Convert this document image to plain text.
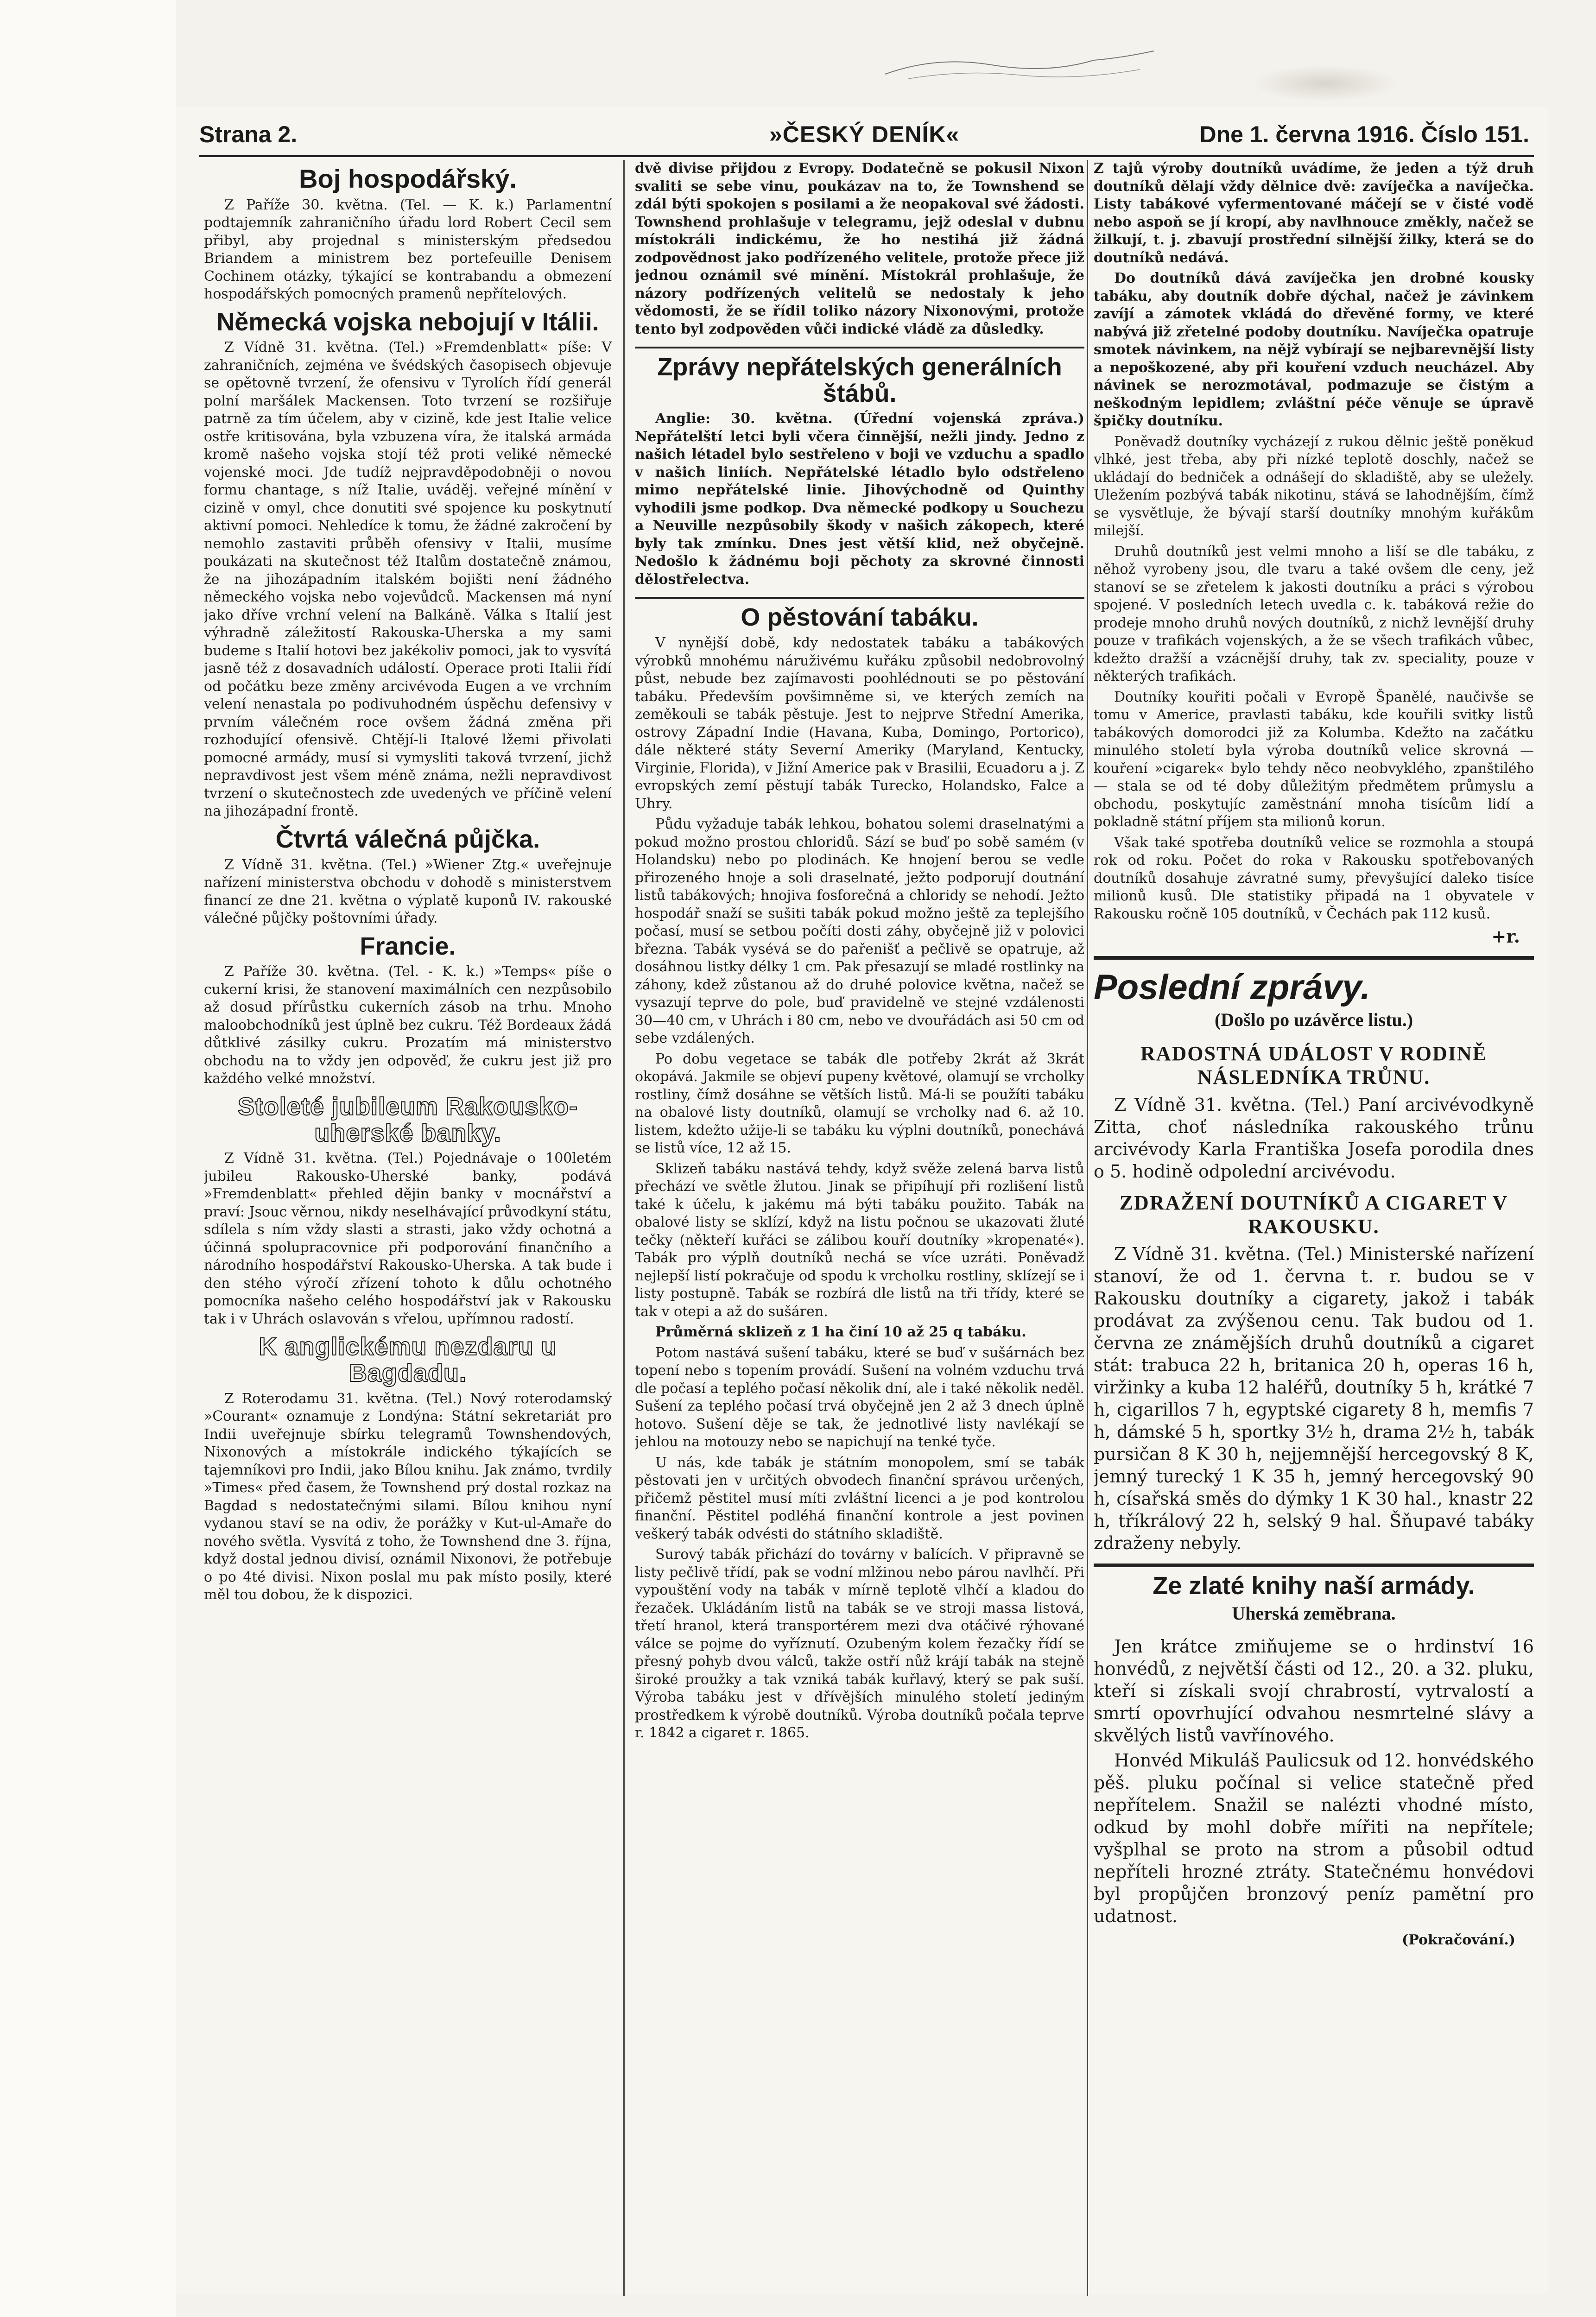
Strana 2.	»ČESKÝ DENÍK«	Dne 1. června 1916. Číslo 151.
Boj hospodářský.

Z Paříže 30. května. (Tel. — K. k.) Parlamentní podtajemník zahraničního úřadu lord Robert Cecil sem přibyl, aby projednal s ministerským předsedou Briandem a ministrem bez portefeuille Denisem Cochinem otázky, týkající se kontrabandu a obmezení hospodářských pomocných pramenů nepřítelových.

Německá vojska nebojují v Itálii.

Z Vídně 31. května. (Tel.) »Fremdenblatt« píše: V zahraničních, zejména ve švédských časopisech objevuje se opětovně tvrzení, že ofensivu v Tyrolích řídí generál polní maršálek Mackensen. Toto tvrzení se rozšiřuje patrně za tím účelem, aby v cizině, kde jest Italie velice ostře kritisována, byla vzbuzena víra, že italská armáda kromě našeho vojska stojí též proti veliké německé vojenské moci. Jde tudíž nejpravděpodobněji o novou formu chantage, s níž Italie, uváděj. veřejné mínění v cizině v omyl, chce donutiti své spojence ku poskytnutí aktivní pomoci. Nehledíce k tomu, že žádné zakročení by nemohlo zastaviti průběh ofensivy v Italii, musíme poukázati na skutečnost též Italům dostatečně známou, že na jihozápadním italském bojišti není žádného německého vojska nebo vojevůdců. Mackensen má nyní jako dříve vrchní velení na Balkáně. Válka s Italií jest výhradně záležitostí Rakouska-Uherska a my sami budeme s Italií hotovi bez jakékoliv pomoci, jak to vysvítá jasně též z dosavadních událostí. Operace proti Italii řídí od počátku beze změny arcivévoda Eugen a ve vrchním velení nenastala po podivuhodném úspěchu defensivy v prvním válečném roce ovšem žádná změna při rozhodující ofensivě. Chtějí-li Italové lžemi přivolati pomocné armády, musí si vymysliti taková tvrzení, jichž nepravdivost jest všem méně známa, nežli nepravdivost tvrzení o skutečnostech zde uvedených ve příčině velení na jihozápadní frontě.

Čtvrtá válečná půjčka.

Z Vídně 31. května. (Tel.) »Wiener Ztg.« uveřejnuje nařízení ministerstva obchodu v dohodě s ministerstvem financí ze dne 21. května o výplatě kuponů IV. rakouské válečné půjčky poštovními úřady.

Francie.

Z Paříže 30. května. (Tel. - K. k.) »Temps« píše o cukerní krisi, že stanovení maximálních cen nezpůsobilo až dosud přírůstku cukerních zásob na trhu. Mnoho maloobchodníků jest úplně bez cukru. Též Bordeaux žádá důtklivé zásilky cukru. Prozatím má ministerstvo obchodu na to vždy jen odpověď, že cukru jest již pro každého velké množství.

Stoleté jubileum Rakousko-uherské banky.

Z Vídně 31. května. (Tel.) Pojednávaje o 100letém jubileu Rakousko-Uherské banky, podává »Fremdenblatt« přehled dějin banky v mocnářství a praví: Jsouc věrnou, nikdy neselhávající průvodkyní státu, sdílela s ním vždy slasti a strasti, jako vždy ochotná a účinná spolupracovnice při podporování finančního a národního hospodářství Rakousko-Uherska. A tak bude i den stého výročí zřízení tohoto k důlu ochotného pomocníka našeho celého hospodářství jak v Rakousku tak i v Uhrách oslavován s vřelou, upřímnou radostí.

K anglickému nezdaru u Bagdadu.

Z Roterodamu 31. května. (Tel.) Nový roterodamský »Courant« oznamuje z Londýna: Státní sekretariát pro Indii uveřejnuje sbírku telegramů Townshendových, Nixonových a místokrále indického týkajících se tajemníkovi pro Indii, jako Bílou knihu. Jak známo, tvrdily »Times« před časem, že Townshend prý dostal rozkaz na Bagdad s nedostatečnými silami. Bílou knihou nyní vydanou staví se na odiv, že porážky v Kut-ul-Amaře do nového světla. Vysvítá z toho, že Townshend dne 3. října, když dostal jednou divisí, oznámil Nixonovi, že potřebuje o po 4té divisi. Nixon poslal mu pak místo posily, které měl tou dobou, že k dispozici.

dvě divise přijdou z Evropy. Dodatečně se pokusil Nixon svaliti se sebe vinu, poukázav na to, že Townshend se zdál býti spokojen s posilami a že neopakoval své žádosti. Townshend prohlašuje v telegramu, jejž odeslal v dubnu místokráli indickému, že ho nestihá již žádná zodpovědnost jako podřízeného velitele, protože přece již jednou oznámil své mínění. Místokrál prohlašuje, že názory podřízených velitelů se nedostaly k jeho vědomosti, že se řídil toliko názory Nixonovými, protože tento byl zodpověden vůči indické vládě za důsledky.

Zprávy nepřátelských generálních štábů.

Anglie: 30. května. (Úřední vojenská zpráva.) Nepřátelští letci byli včera činnější, nežli jindy. Jedno z našich létadel bylo sestřeleno v boji ve vzduchu a spadlo v našich liniích. Nepřátelské létadlo bylo odstřeleno mimo nepřátelské linie. Jihovýchodně od Quinthy vyhodili jsme podkop. Dva německé podkopy u Souchezu a Neuville nezpůsobily škody v našich zákopech, které byly tak zmínku. Dnes jest větší klid, než obyčejně. Nedošlo k žádnému boji pěchoty za skrovné činnosti dělostřelectva.

O pěstování tabáku.

V nynější době, kdy nedostatek tabáku a tabákových výrobků mnohému náruživému kuřáku způsobil nedobrovolný půst, nebude bez zajímavosti poohlédnouti se po pěstování tabáku. Především povšimněme si, ve kterých zemích na zeměkouli se tabák pěstuje. Jest to nejprve Střední Amerika, ostrovy Západní Indie (Havana, Kuba, Domingo, Portorico), dále některé státy Severní Ameriky (Maryland, Kentucky, Virginie, Florida), v Jižní Americe pak v Brasilii, Ecuadoru a j. Z evropských zemí pěstují tabák Turecko, Holandsko, Falce a Uhry.

Půdu vyžaduje tabák lehkou, bohatou solemi draselnatými a pokud možno prostou chloridů. Sází se buď po sobě samém (v Holandsku) nebo po plodinách. Ke hnojení berou se vedle přirozeného hnoje a soli draselnaté, ježto podporují doutnání listů tabákových; hnojiva fosforečná a chloridy se nehodí. Ježto hospodář snaží se sušiti tabák pokud možno ještě za teplejšího počasí, musí se setbou počíti dosti záhy, obyčejně již v polovici března. Tabák vysévá se do pařenišť a pečlivě se opatruje, až dosáhnou listky délky 1 cm. Pak přesazují se mladé rostlinky na záhony, kdež zůstanou až do druhé polovice května, načež se vysazují teprve do pole, buď pravidelně ve stejné vzdálenosti 30—40 cm, v Uhrách i 80 cm, nebo ve dvouřádách asi 50 cm od sebe vzdálených.

Po dobu vegetace se tabák dle potřeby 2krát až 3krát okopává. Jakmile se objeví pupeny květové, olamují se vrcholky rostliny, čímž dosáhne se větších listů. Má-li se použíti tabáku na obalové listy doutníků, olamují se vrcholky nad 6. až 10. listem, kdežto užije-li se tabáku ku výplni doutníků, ponechává se listů více, 12 až 15.

Sklizeň tabáku nastává tehdy, když svěže zelená barva listů přechází ve světle žlutou. Jinak se připíhují při rozlišení listů také k účelu, k jakému má býti tabáku použito. Tabák na obalové listy se sklízí, když na listu počnou se ukazovati žluté tečky (někteří kuřáci se zálibou kouří doutníky »kropenaté«). Tabák pro výplň doutníků nechá se více uzráti. Poněvadž nejlepší listí pokračuje od spodu k vrcholku rostliny, sklízejí se i listy postupně. Tabák se rozbírá dle listů na tři třídy, které se tak v otepi a až do sušáren.

Průměrná sklizeň z 1 ha činí 10 až 25 q tabáku.

Potom nastává sušení tabáku, které se buď v sušárnách bez topení nebo s topením provádí. Sušení na volném vzduchu trvá dle počasí a teplého počasí několik dní, ale i také několik neděl. Sušení za teplého počasí trvá obyčejně jen 2 až 3 dnech úplně hotovo. Sušení děje se tak, že jednotlivé listy navlékají se jehlou na motouzy nebo se napichují na tenké tyče.

U nás, kde tabák je státním monopolem, smí se tabák pěstovati jen v určitých obvodech finanční správou určených, přičemž pěstitel musí míti zvláštní licenci a je pod kontrolou finanční. Pěstitel podléhá finanční kontrole a jest povinen veškerý tabák odvésti do státního skladiště.

Surový tabák přichází do továrny v balících. V připravně se listy pečlivě třídí, pak se vodní mlžinou nebo párou navlhčí. Při vypouštění vody na tabák v mírně teplotě vlhčí a kladou do řezaček. Ukládáním listů na tabák se ve stroji massa listová, třetí hranol, která transportérem mezi dva otáčivé rýhované válce se pojme do vyříznutí. Ozubeným kolem řezačky řídí se přesný pohyb dvou válců, takže ostří nůž krájí tabák na stejně široké proužky a tak vzniká tabák kuřlavý, který se pak suší. Výroba tabáku jest v dřívějších minulého století jediným prostředkem k výrobě doutníků. Výroba doutníků počala teprve r. 1842 a cigaret r. 1865.

Z tajů výroby doutníků uvádíme, že jeden a týž druh doutníků dělají vždy dělnice dvě: zavíječka a navíječka. Listy tabákové vyfermentované máčejí se v čisté vodě nebo aspoň se jí kropí, aby navlhnouce změkly, načež se žilkují, t. j. zbavují prostřední silnější žilky, která se do doutníků nedává.

Do doutníků dává zavíječka jen drobné kousky tabáku, aby doutník dobře dýchal, načež je závinkem zavíjí a zámotek vkládá do dřevěné formy, ve které nabývá již zřetelné podoby doutníku. Navíječka opatruje smotek návinkem, na nějž vybírají se nejbarevnější listy a nepoškozené, aby při kouření vzduch neucházel. Aby návinek se nerozmotával, podmazuje se čistým a neškodným lepidlem; zvláštní péče věnuje se úpravě špičky doutníku.

Poněvadž doutníky vycházejí z rukou dělnic ještě poněkud vlhké, jest třeba, aby při nízké teplotě doschly, načež se ukládají do bedniček a odnášejí do skladiště, aby se uležely. Uležením pozbývá tabák nikotinu, stává se lahodnějším, čímž se vysvětluje, že bývají starší doutníky mnohým kuřákům milejší.

Druhů doutníků jest velmi mnoho a liší se dle tabáku, z něhož vyrobeny jsou, dle tvaru a také ovšem dle ceny, jež stanoví se se zřetelem k jakosti doutníku a práci s výrobou spojené. V posledních letech uvedla c. k. tabáková režie do prodeje mnoho druhů nových doutníků, z nichž levnější druhy pouze v trafikách vojenských, a že se všech trafikách vůbec, kdežto dražší a vzácnější druhy, tak zv. speciality, pouze v některých trafikách.

Doutníky kouřiti počali v Evropě Španělé, naučivše se tomu v Americe, pravlasti tabáku, kde kouřili svitky listů tabákových domorodci již za Kolumba. Kdežto na začátku minulého století byla výroba doutníků velice skrovná — kouření »cigarek« bylo tehdy něco neobvyklého, zpanštilého — stala se od té doby důležitým předmětem průmyslu a obchodu, poskytujíc zaměstnání mnoha tisícům lidí a pokladně státní příjem sta milionů korun.

Však také spotřeba doutníků velice se rozmohla a stoupá rok od roku. Počet do roka v Rakousku spotřebovaných doutníků dosahuje závratné sumy, převyšující daleko tisíce milionů kusů. Dle statistiky připadá na 1 obyvatele v Rakousku ročně 105 doutníků, v Čechách pak 112 kusů.

+r.
Poslední zprávy.
(Došlo po uzávěrce listu.)
RADOSTNÁ UDÁLOST V RODINĚ NÁSLEDNÍKA TRŮNU.

Z Vídně 31. května. (Tel.) Paní arcivévodkyně Zitta, choť následníka rakouského trůnu arcivévody Karla Františka Josefa porodila dnes o 5. hodině odpolední arcivévodu.

ZDRAŽENÍ DOUTNÍKŮ A CIGARET V RAKOUSKU.

Z Vídně 31. května. (Tel.) Ministerské nařízení stanoví, že od 1. června t. r. budou se v Rakousku doutníky a cigarety, jakož i tabák prodávat za zvýšenou cenu. Tak budou od 1. června ze známějších druhů doutníků a cigaret stát: trabuca 22 h, britanica 20 h, operas 16 h, viržinky a kuba 12 haléřů, doutníky 5 h, krátké 7 h, cigarillos 7 h, egyptské cigarety 8 h, memfis 7 h, dámské 5 h, sportky 3½ h, drama 2½ h, tabák pursičan 8 K 30 h, nejjemnější hercegovský 8 K, jemný turecký 1 K 35 h, jemný hercegovský 90 h, císařská směs do dýmky 1 K 30 hal., knastr 22 h, tříkrálový 22 h, selský 9 hal. Šňupavé tabáky zdraženy nebyly.

Ze zlaté knihy naší armády.
Uherská zeměbrana.

Jen krátce zmiňujeme se o hrdinství 16 honvédů, z největší části od 12., 20. a 32. pluku, kteří si získali svojí chrabrostí, vytrvalostí a smrtí opovrhující odvahou nesmrtelné slávy a skvělých listů vavřínového.

Honvéd Mikuláš Paulicsuk od 12. honvédského pěš. pluku počínal si velice statečně před nepřítelem. Snažil se nalézti vhodné místo, odkud by mohl dobře mířiti na nepřítele; vyšplhal se proto na strom a působil odtud nepříteli hrozné ztráty. Statečnému honvédovi byl propůjčen bronzový peníz pamětní pro udatnost.

(Pokračování.)
